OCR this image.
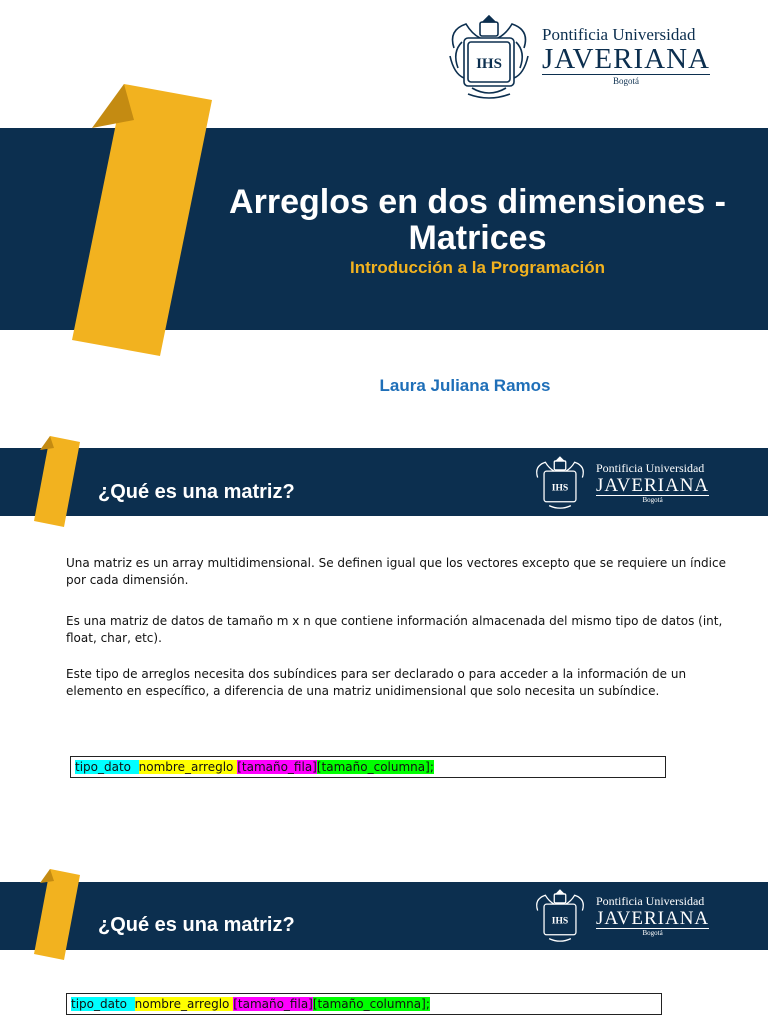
IHS
Pontificia Universidad
JAVERIANA
Bogotá
Arreglos en dos dimensiones -
Matrices
Introducción a la Programación
Laura Juliana Ramos
¿Qué es una matriz?	IHS
Pontificia Universidad
JAVERIANA
Bogotá
Una matriz es un array multidimensional. Se definen igual que los vectores excepto que se requiere un índice por cada dimensión.
Es una matriz de datos de tamaño m x n que contiene información almacenada del mismo tipo de datos (int, float, char, etc).
Este tipo de arreglos necesita dos subíndices para ser declarado o para acceder a la información de un elemento en específico, a diferencia de una matriz unidimensional que solo necesita un subíndice.
tipo_dato nombre_arreglo [tamaño_fila] [tamaño_columna];
¿Qué es una matriz?	IHS
Pontificia Universidad
JAVERIANA
Bogotá
tipo_dato nombre_arreglo [tamaño_fila] [tamaño_columna];
